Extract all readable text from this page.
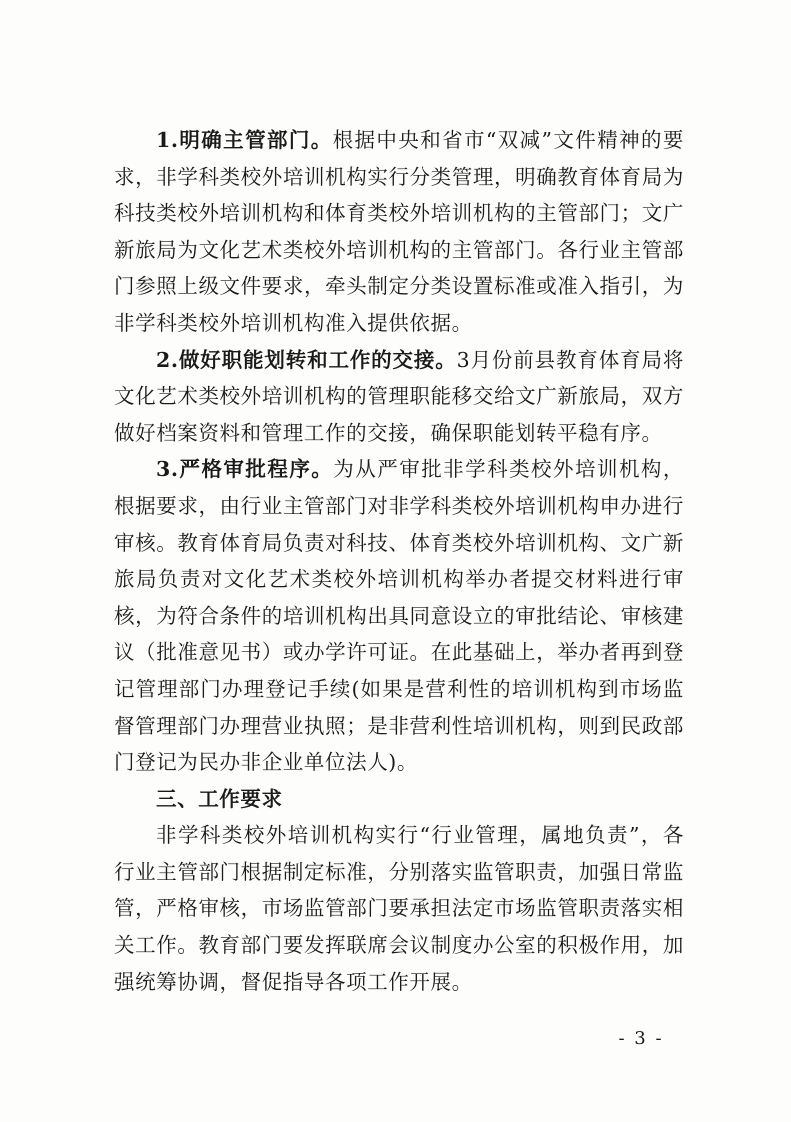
1.明确主管部门。根据中央和省市“双减”文件精神的要求，非学科类校外培训机构实行分类管理，明确教育体育局为科技类校外培训机构和体育类校外培训机构的主管部门；文广新旅局为文化艺术类校外培训机构的主管部门。各行业主管部门参照上级文件要求，牵头制定分类设置标准或准入指引，为非学科类校外培训机构准入提供依据。

2.做好职能划转和工作的交接。3月份前县教育体育局将文化艺术类校外培训机构的管理职能移交给文广新旅局，双方做好档案资料和管理工作的交接，确保职能划转平稳有序。

3.严格审批程序。为从严审批非学科类校外培训机构，根据要求，由行业主管部门对非学科类校外培训机构申办进行审核。教育体育局负责对科技、体育类校外培训机构、文广新旅局负责对文化艺术类校外培训机构举办者提交材料进行审核，为符合条件的培训机构出具同意设立的审批结论、审核建议（批准意见书）或办学许可证。在此基础上，举办者再到登记管理部门办理登记手续(如果是营利性的培训机构到市场监督管理部门办理营业执照；是非营利性培训机构，则到民政部门登记为民办非企业单位法人)。

三、工作要求

非学科类校外培训机构实行“行业管理，属地负责”，各行业主管部门根据制定标准，分别落实监管职责，加强日常监管，严格审核，市场监管部门要承担法定市场监管职责落实相关工作。教育部门要发挥联席会议制度办公室的积极作用，加强统筹协调，督促指导各项工作开展。

- 3 -
